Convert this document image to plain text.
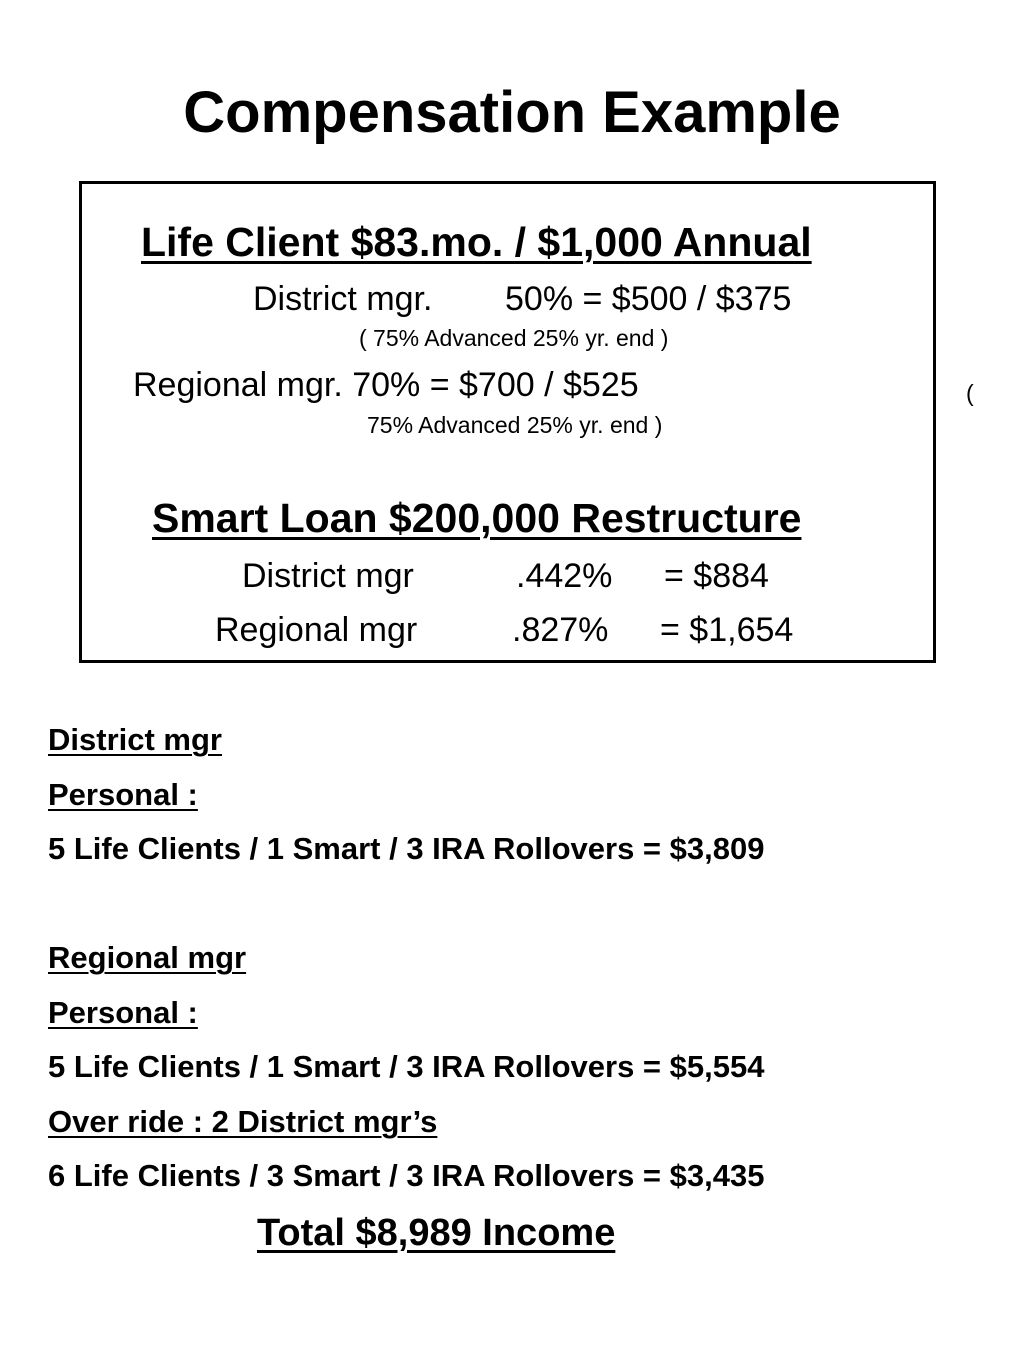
Compensation Example
Life Client $83.mo. / $1,000 Annual
District mgr. 50% = $500 / $375
( 75% Advanced 25% yr. end )
Regional mgr. 70% = $700 / $525	(
75% Advanced 25% yr. end )
Smart Loan $200,000 Restructure
District mgr	.442% = $884
Regional mgr	.827% = $1,654
District mgr
Personal :
5 Life Clients / 1 Smart / 3 IRA Rollovers = $3,809
Regional mgr
Personal :
5 Life Clients / 1 Smart / 3 IRA Rollovers = $5,554
Over ride : 2 District mgr’s
6 Life Clients / 3 Smart / 3 IRA Rollovers = $3,435
Total $8,989 Income
